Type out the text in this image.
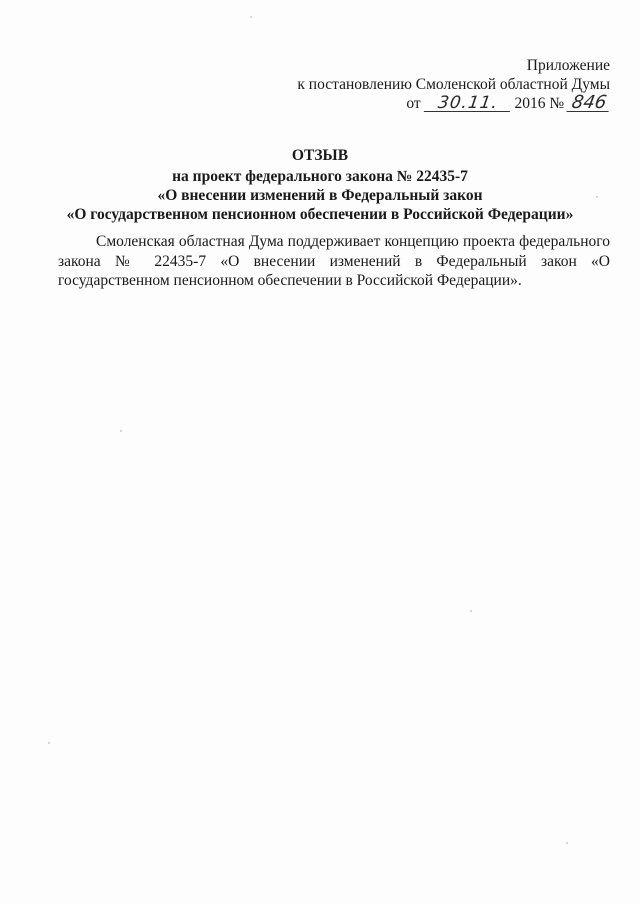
Приложение
к постановлению Смоленской областной Думы
от 30.11. 2016 № 846
ОТЗЫВ
на проект федерального закона № 22435-7
«О внесении изменений в Федеральный закон
«О государственном пенсионном обеспечении в Российской Федерации»
Смоленская областная Дума поддерживает концепцию проекта федерального закона № 22435-7 «О внесении изменений в Федеральный закон «О государственном пенсионном обеспечении в Российской Федерации».
